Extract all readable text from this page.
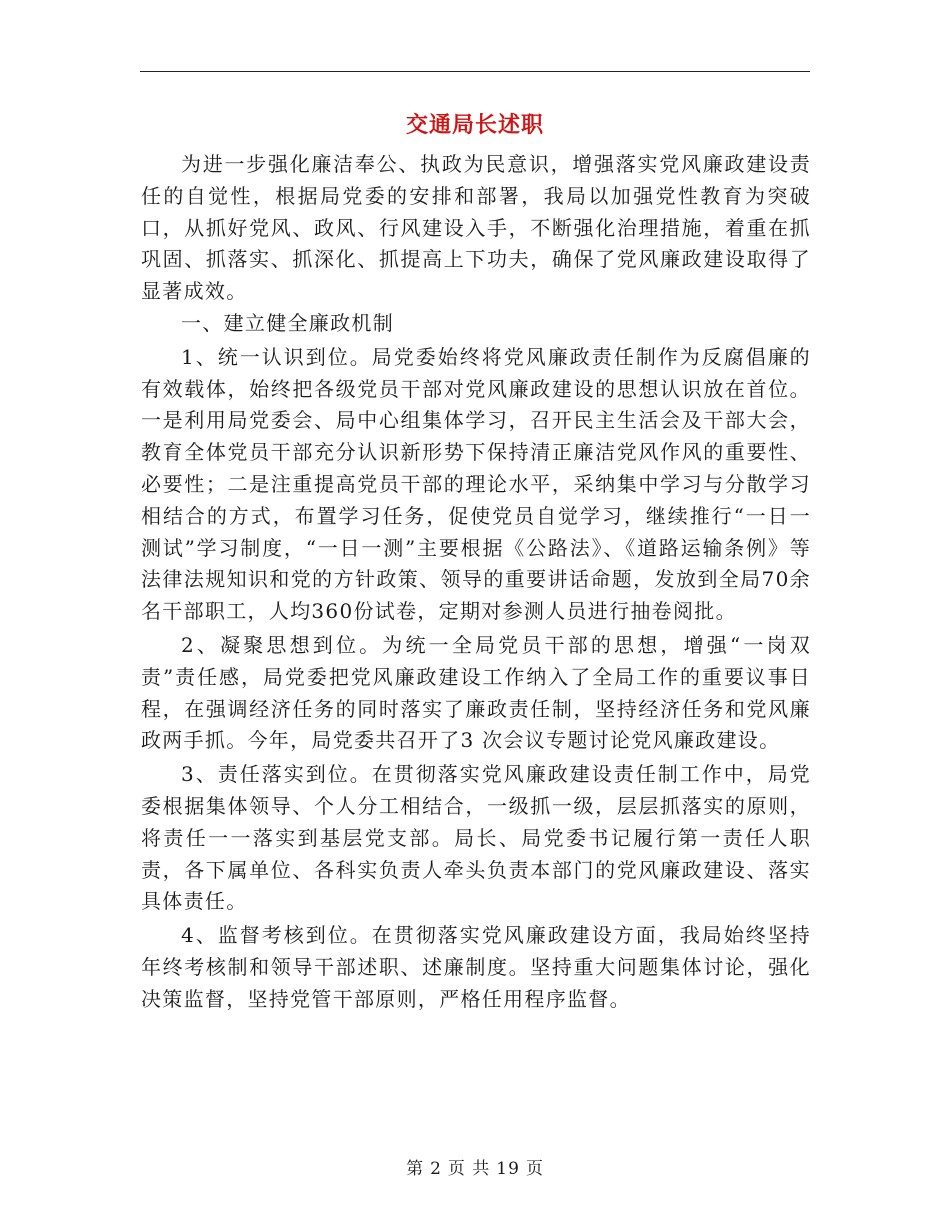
交通局长述职

为进一步强化廉洁奉公、执政为民意识，增强落实党风廉政建设责任的自觉性，根据局党委的安排和部署，我局以加强党性教育为突破口，从抓好党风、政风、行风建设入手，不断强化治理措施，着重在抓巩固、抓落实、抓深化、抓提高上下功夫，确保了党风廉政建设取得了显著成效。

一、建立健全廉政机制

1、统一认识到位。局党委始终将党风廉政责任制作为反腐倡廉的有效载体，始终把各级党员干部对党风廉政建设的思想认识放在首位。一是利用局党委会、局中心组集体学习，召开民主生活会及干部大会，教育全体党员干部充分认识新形势下保持清正廉洁党风作风的重要性、必要性；二是注重提高党员干部的理论水平，采纳集中学习与分散学习相结合的方式，布置学习任务，促使党员自觉学习，继续推行“一日一测试”学习制度，“一日一测”主要根据《公路法》、《道路运输条例》等法律法规知识和党的方针政策、领导的重要讲话命题，发放到全局70余名干部职工，人均360份试卷，定期对参测人员进行抽卷阅批。

2、凝聚思想到位。为统一全局党员干部的思想，增强“一岗双责”责任感，局党委把党风廉政建设工作纳入了全局工作的重要议事日程，在强调经济任务的同时落实了廉政责任制，坚持经济任务和党风廉政两手抓。今年，局党委共召开了3 次会议专题讨论党风廉政建设。

3、责任落实到位。在贯彻落实党风廉政建设责任制工作中，局党委根据集体领导、个人分工相结合，一级抓一级，层层抓落实的原则，将责任一一落实到基层党支部。局长、局党委书记履行第一责任人职责，各下属单位、各科实负责人牵头负责本部门的党风廉政建设、落实具体责任。

4、监督考核到位。在贯彻落实党风廉政建设方面，我局始终坚持年终考核制和领导干部述职、述廉制度。坚持重大问题集体讨论，强化决策监督，坚持党管干部原则，严格任用程序监督。

第 2 页 共 19 页
